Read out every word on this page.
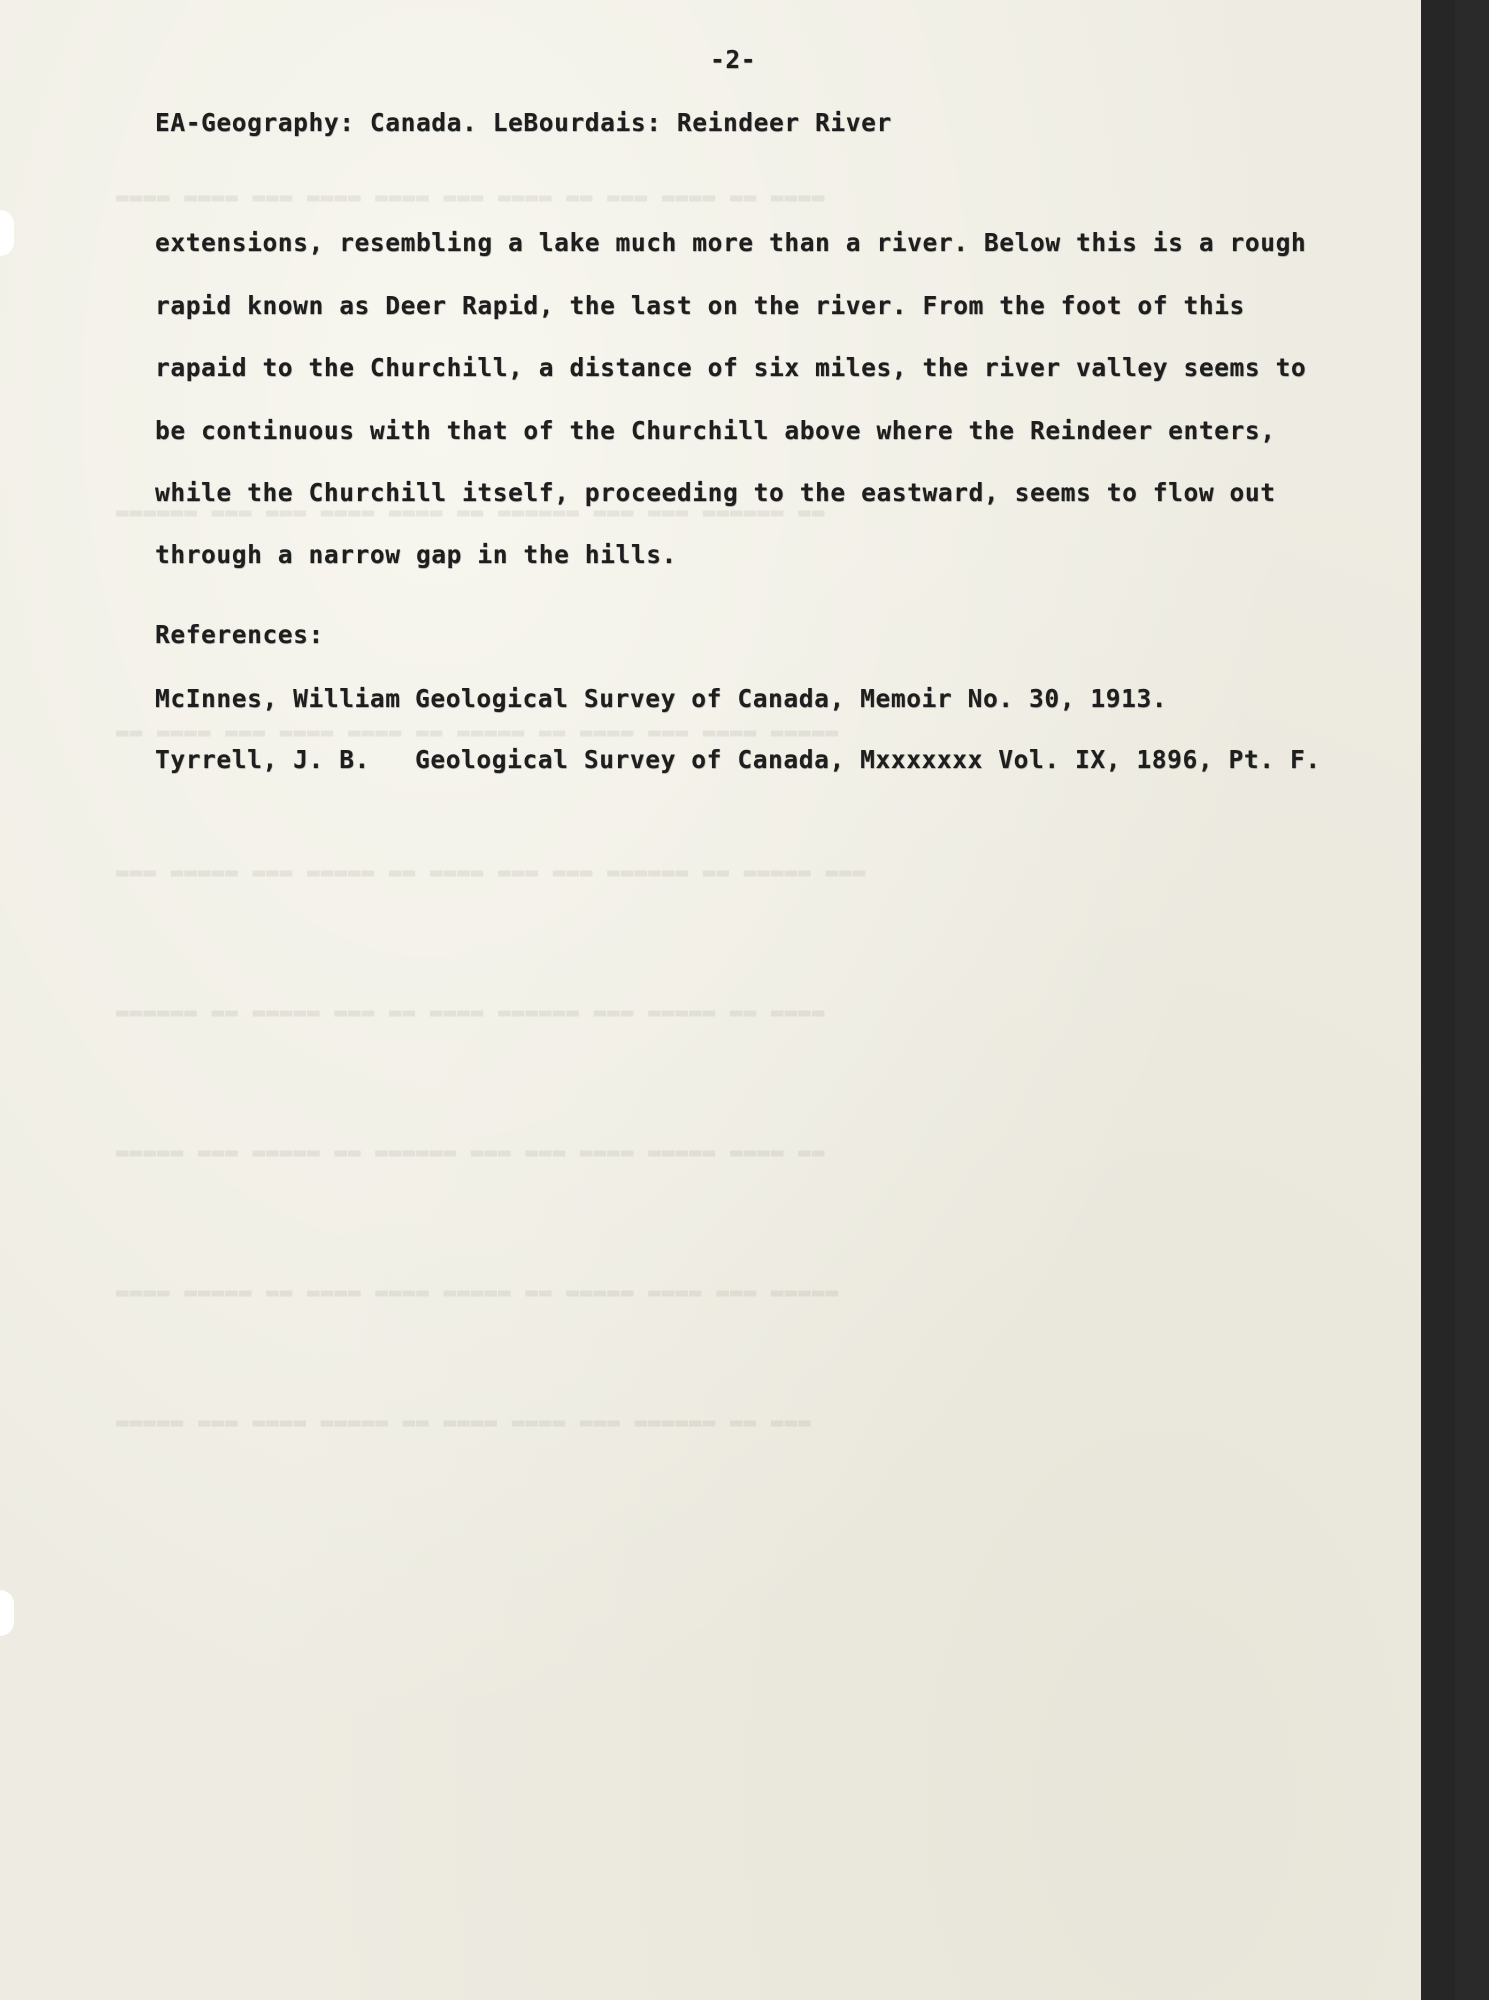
▬▬▬▬ ▬▬ ▬▬▬▬ ▬▬▬ ▬▬ ▬▬▬▬ ▬▬▬ ▬▬▬▬ ▬▬▬▬ ▬▬▬ ▬▬▬▬ ▬▬▬▬
▬▬ ▬▬▬▬▬▬ ▬▬▬ ▬▬▬ ▬▬▬▬▬▬ ▬▬ ▬▬▬▬ ▬▬▬▬ ▬▬▬ ▬▬▬ ▬▬▬▬▬▬
▬▬▬▬▬ ▬▬▬▬ ▬▬▬ ▬▬▬▬ ▬▬ ▬▬▬▬▬ ▬▬ ▬▬▬▬ ▬▬▬▬ ▬▬▬ ▬▬▬▬ ▬▬
▬▬▬ ▬▬▬▬▬ ▬▬ ▬▬▬▬▬▬ ▬▬▬ ▬▬▬ ▬▬▬▬ ▬▬ ▬▬▬▬▬ ▬▬▬ ▬▬▬▬▬ ▬▬▬
▬▬▬▬ ▬▬ ▬▬▬▬▬ ▬▬▬ ▬▬▬▬▬▬ ▬▬▬▬ ▬▬ ▬▬▬ ▬▬▬▬▬ ▬▬ ▬▬▬▬▬▬
▬▬ ▬▬▬▬ ▬▬▬▬▬ ▬▬▬▬ ▬▬▬ ▬▬▬ ▬▬▬▬▬▬ ▬▬ ▬▬▬▬▬ ▬▬▬ ▬▬▬▬▬
▬▬▬▬▬ ▬▬▬ ▬▬▬▬ ▬▬▬▬▬ ▬▬ ▬▬▬▬▬ ▬▬▬▬ ▬▬▬▬ ▬▬ ▬▬▬▬▬ ▬▬▬▬
▬▬▬ ▬▬ ▬▬▬▬▬▬ ▬▬▬ ▬▬▬▬ ▬▬▬▬ ▬▬ ▬▬▬▬▬ ▬▬▬▬ ▬▬▬ ▬▬▬▬▬

-2-

EA-Geography: Canada. LeBourdais: Reindeer River

extensions, resembling a lake much more than a river. Below this is a rough

rapid known as Deer Rapid, the last on the river. From the foot of this

rapaid to the Churchill, a distance of six miles, the river valley seems to

be continuous with that of the Churchill above where the Reindeer enters,

while the Churchill itself, proceeding to the eastward, seems to flow out

through a narrow gap in the hills.

References:

McInnes, William Geological Survey of Canada, Memoir No. 30, 1913.

Tyrrell, J. B. Geological Survey of Canada, Mxxxxxxx Vol. IX, 1896, Pt. F.
